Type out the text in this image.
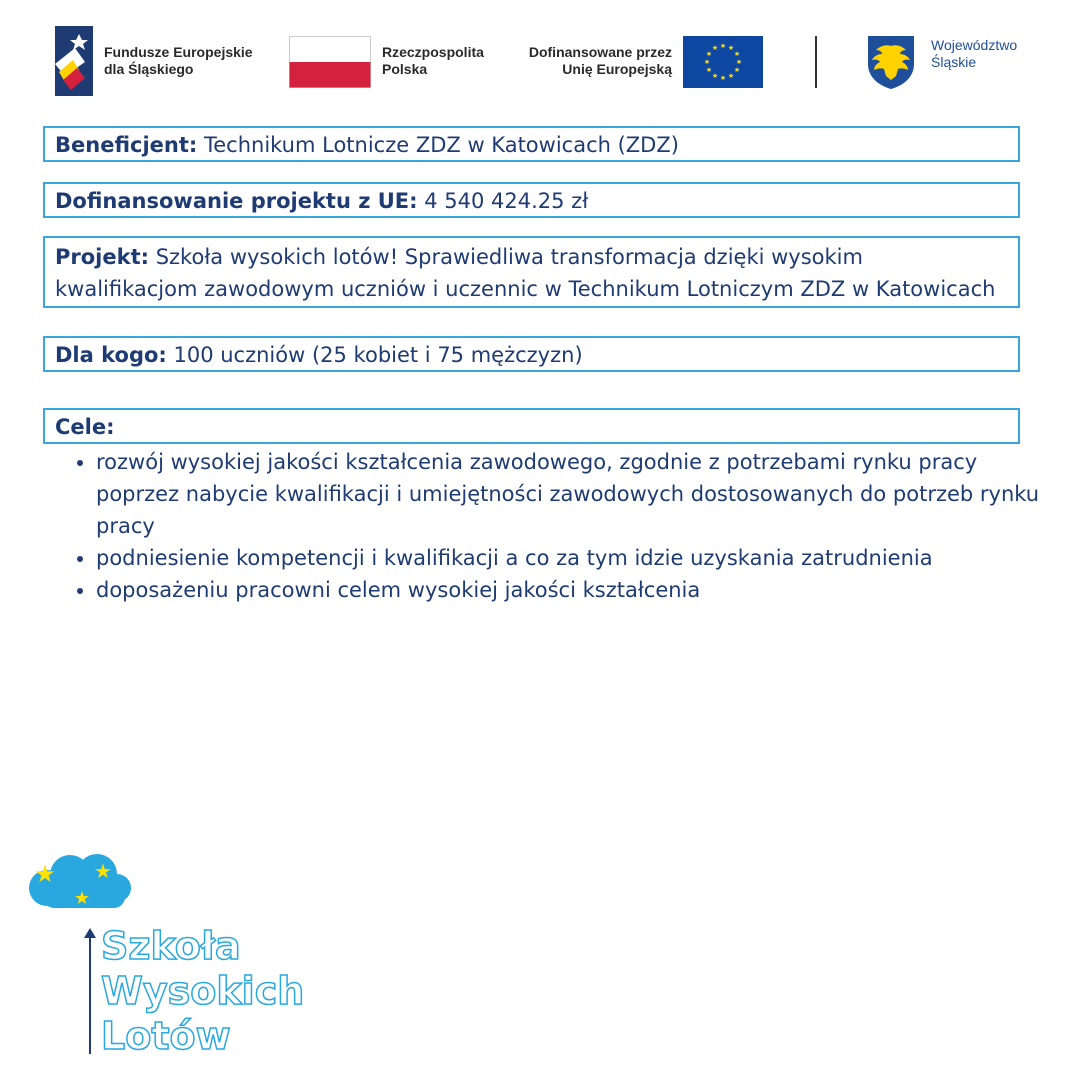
Fundusze Europejskie
dla Śląskiego
Rzeczpospolita
Polska
Dofinansowane przez
Unię Europejską
★ ★
★
★
★
★
★
★
★
★
★
★	Województwo
Śląskie
Beneficjent: Technikum Lotnicze ZDZ w Katowicach (ZDZ)
Dofinansowanie projektu z UE: 4 540 424.25 zł
Projekt: Szkoła wysokich lotów! Sprawiedliwa transformacja dzięki wysokim kwalifikacjom zawodowym uczniów i uczennic w Technikum Lotniczym ZDZ w Katowicach
Dla kogo: 100 uczniów (25 kobiet i 75 mężczyzn)
Cele:
• rozwój wysokiej jakości kształcenia zawodowego, zgodnie z potrzebami rynku pracy poprzez nabycie kwalifikacji i umiejętności zawodowych dostosowanych do potrzeb rynku pracy
• podniesienie kompetencji i kwalifikacji a co za tym idzie uzyskania zatrudnienia
• doposażeniu pracowni celem wysokiej jakości kształcenia
★ ★
★
Szkoła
Wysokich
Lotów
